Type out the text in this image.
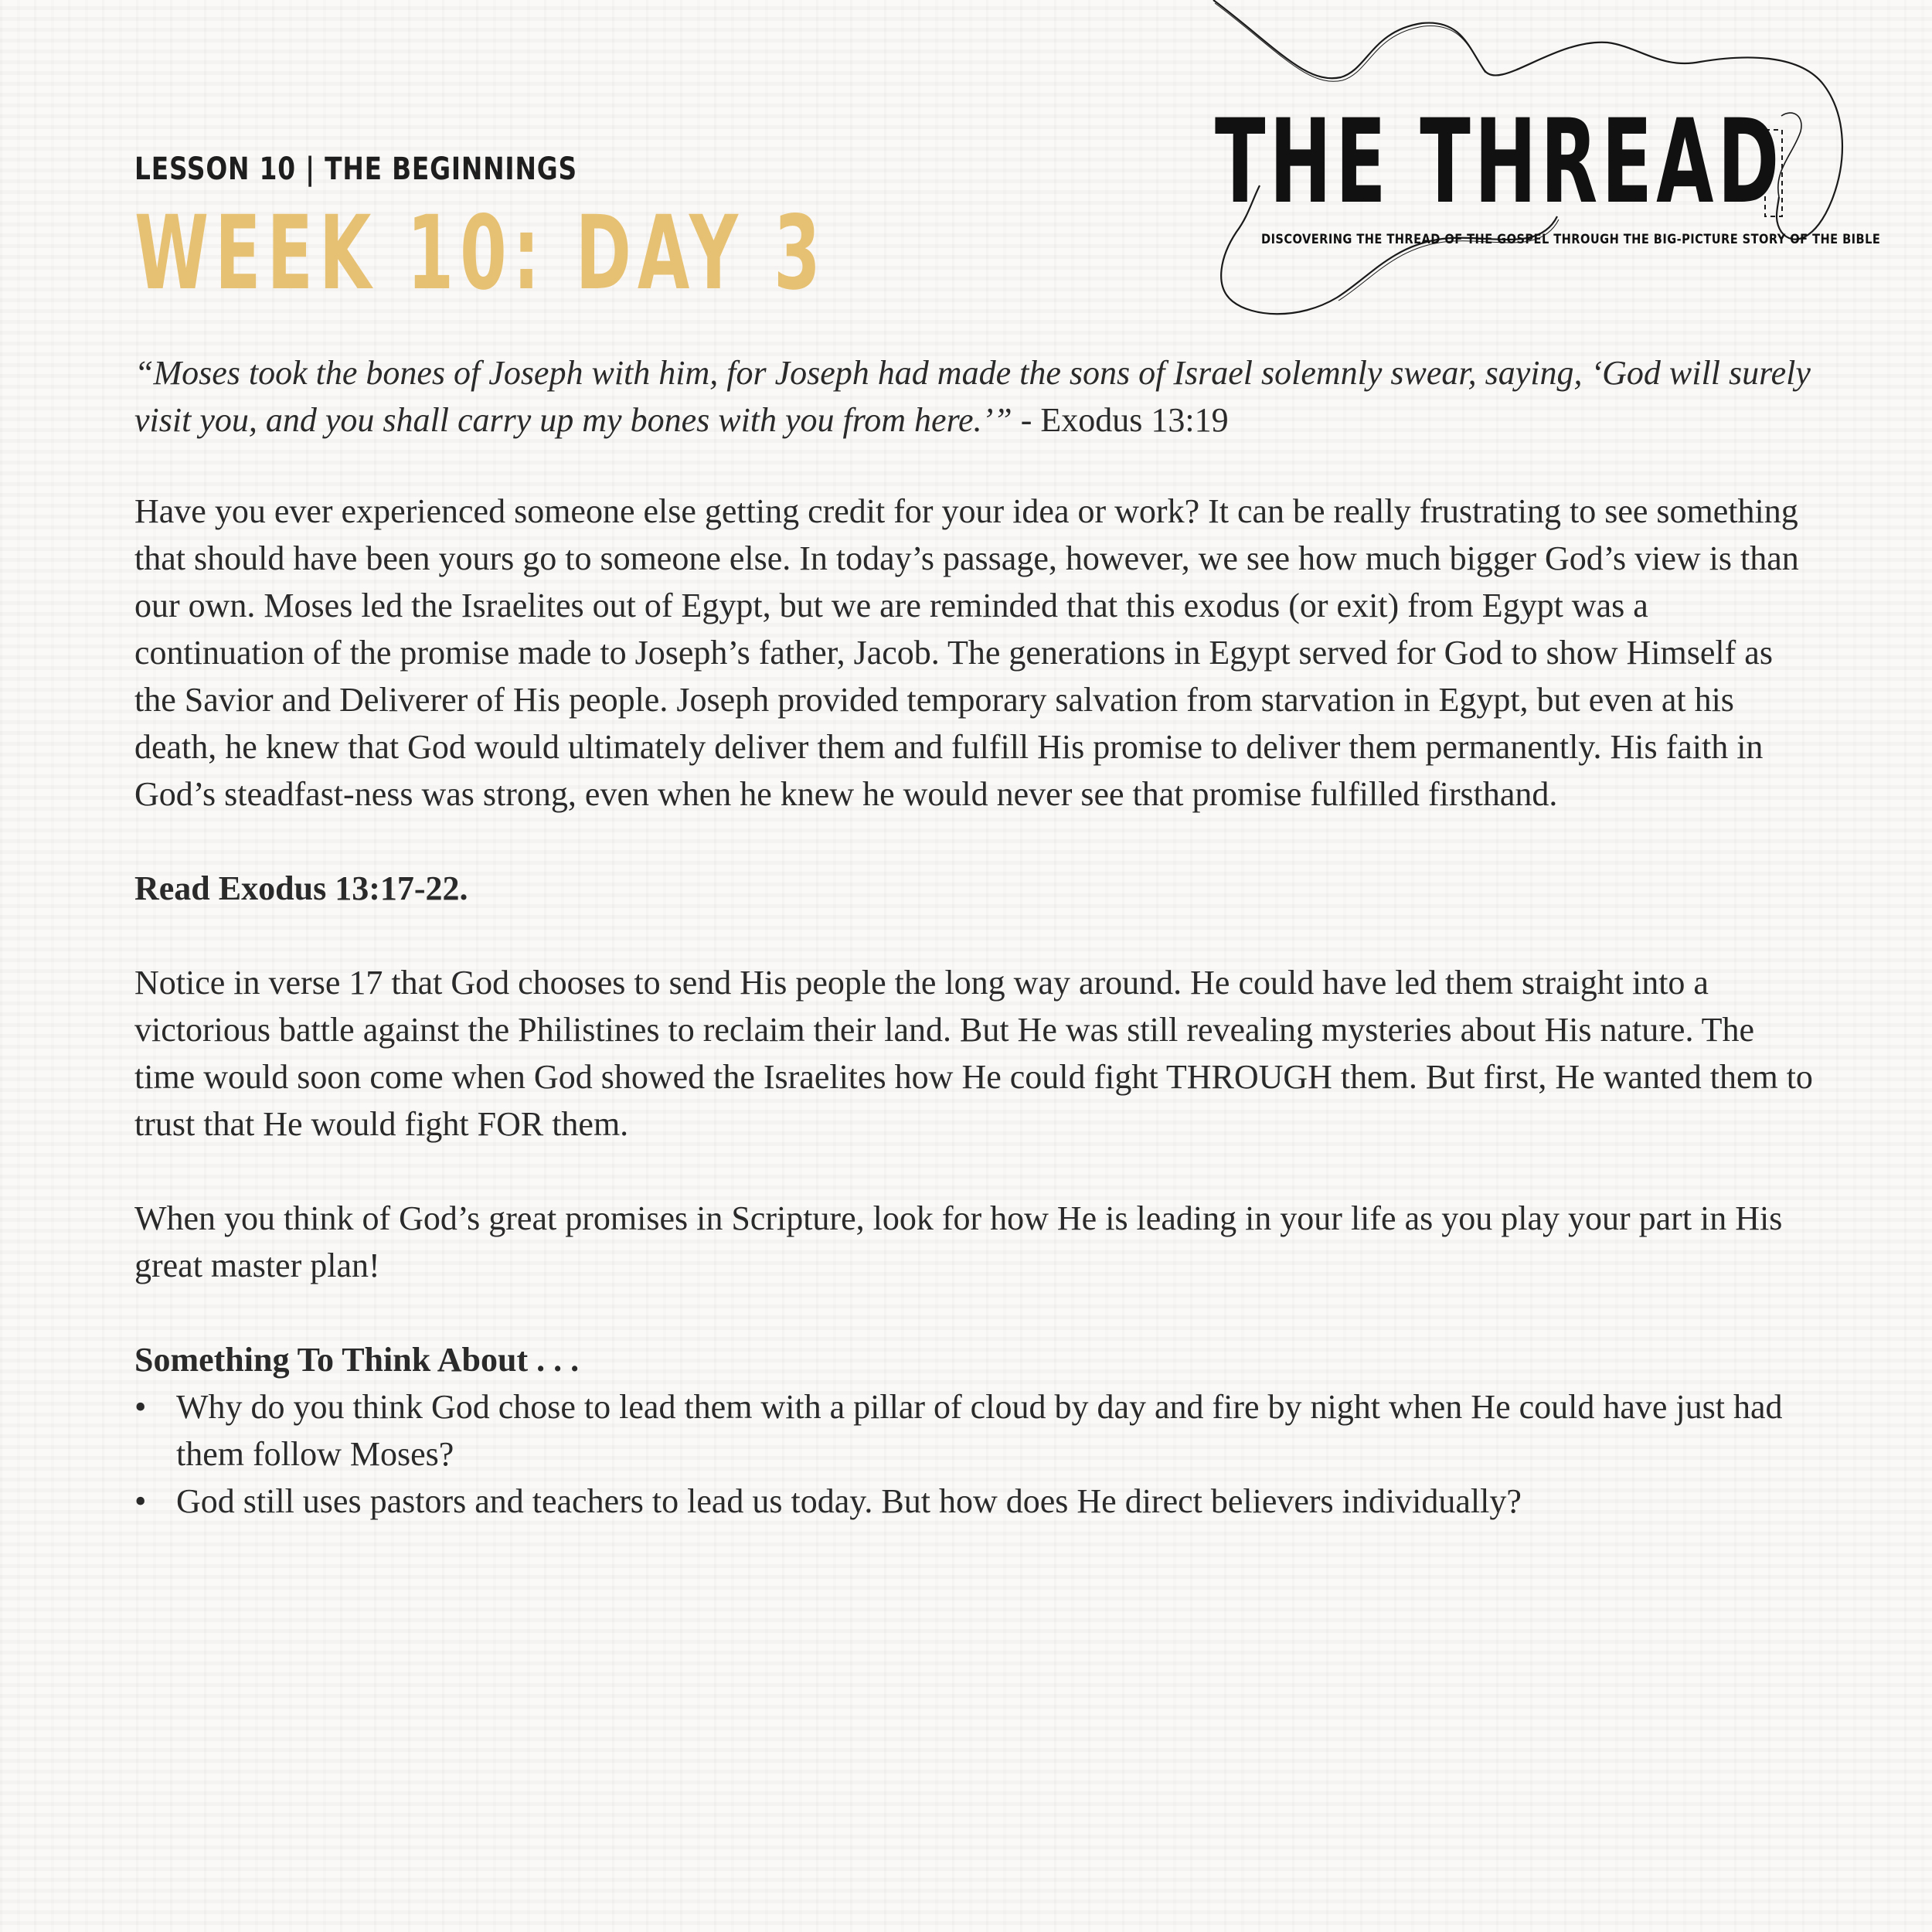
LESSON 10 | THE BEGINNINGS
WEEK 10: DAY 3
THE THREAD
DISCOVERING THE THREAD OF THE GOSPEL THROUGH THE BIG-PICTURE STORY OF THE BIBLE

“Moses took the bones of Joseph with him, for Joseph had made the sons of Israel solemnly swear, saying, ‘God will surely visit you, and you shall carry up my bones with you from here.’” - Exodus 13:19

Have you ever experienced someone else getting credit for your idea or work? It can be really frustrating to see something that should have been yours go to someone else. In today’s passage, however, we see how much bigger God’s view is than our own. Moses led the Israelites out of Egypt, but we are reminded that this exodus (or exit) from Egypt was a continuation of the promise made to Joseph’s father, Jacob. The generations in Egypt served for God to show Himself as the Savior and Deliverer of His people. Joseph provided temporary salvation from starvation in Egypt, but even at his death, he knew that God would ultimately deliver them and fulfill His promise to deliver them permanently. His faith in God’s steadfast-ness was strong, even when he knew he would never see that promise fulfilled firsthand.

Read Exodus 13:17-22.

Notice in verse 17 that God chooses to send His people the long way around. He could have led them straight into a victorious battle against the Philistines to reclaim their land. But He was still revealing mysteries about His nature. The time would soon come when God showed the Israelites how He could fight THROUGH them. But first, He wanted them to trust that He would fight FOR them.

When you think of God’s great promises in Scripture, look for how He is leading in your life as you play your part in His great master plan!

Something To Think About . . .

• Why do you think God chose to lead them with a pillar of cloud by day and fire by night when He could have just had them follow Moses?
• God still uses pastors and teachers to lead us today. But how does He direct believers individually?
